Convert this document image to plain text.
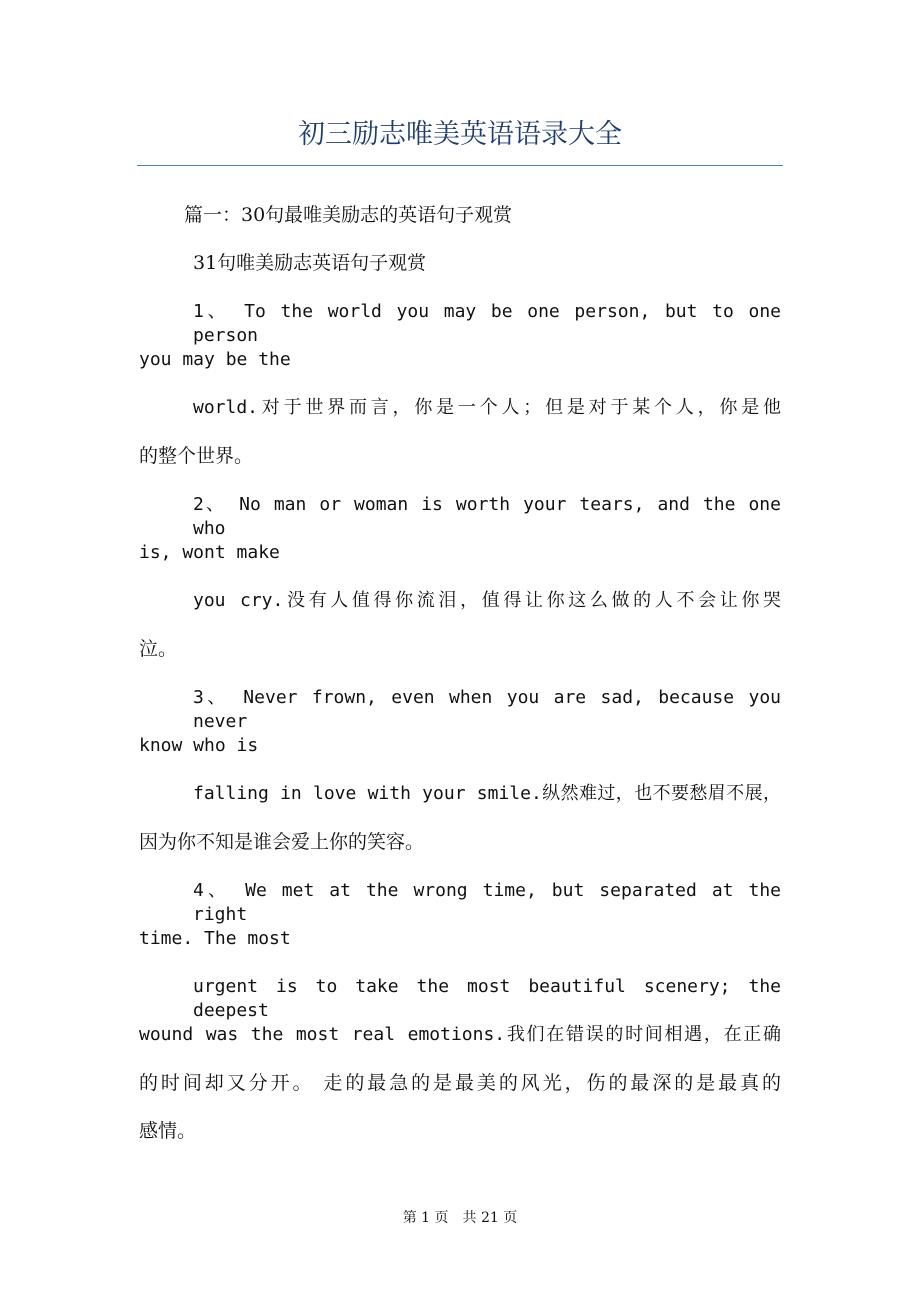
初三励志唯美英语语录大全
篇一：30句最唯美励志的英语句子观赏
31句唯美励志英语句子观赏
1、 To the world you may be one person, but to one person
you may be the
world.对于世界而言，你是一个人；但是对于某个人，你是他
的整个世界。
2、 No man or woman is worth your tears, and the one who
is, wont make
you cry.没有人值得你流泪，值得让你这么做的人不会让你哭
泣。
3、 Never frown, even when you are sad, because you never
know who is
falling in love with your smile.纵然难过，也不要愁眉不展，
因为你不知是谁会爱上你的笑容。
4、 We met at the wrong time, but separated at the right
time. The most
urgent is to take the most beautiful scenery; the deepest
wound was the most real emotions.我们在错误的时间相遇，在正确
的时间却又分开。 走的最急的是最美的风光，伤的最深的是最真的
感情。
第 1 页　共 21 页
